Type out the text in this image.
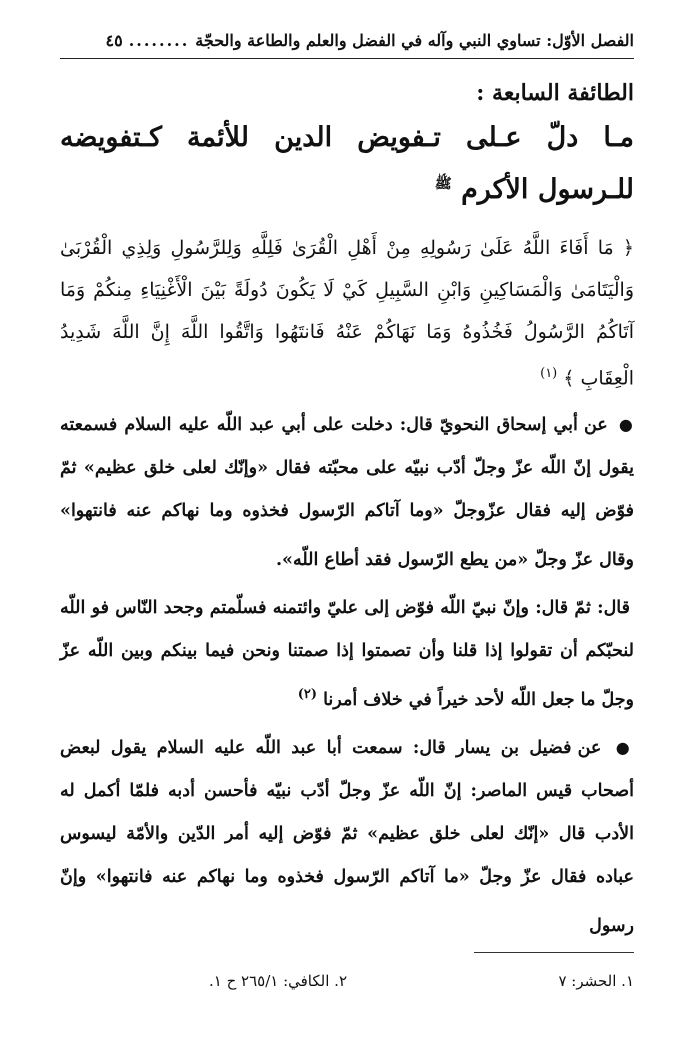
الفصل الأوّل: تساوي النبي وآله في الفضل والعلم والطاعة والحجّة
........
٤٥
الطائفة السابعة :
مـا دلّ عـلى تـفويض الدين للأئمة كـتفويضه للـرسول الأكرم $^ﷺ$
﴿ مَا أَفَاءَ اللَّهُ عَلَىٰ رَسُولِهِ مِنْ أَهْلِ الْقُرَىٰ فَلِلَّهِ وَلِلرَّسُولِ وَلِذِي الْقُرْبَىٰ وَالْيَتَامَىٰ وَالْمَسَاكِينِ وَابْنِ السَّبِيلِ كَيْ لَا يَكُونَ دُولَةً بَيْنَ الْأَغْنِيَاءِ مِنكُمْ وَمَا آتَاكُمُ الرَّسُولُ فَخُذُوهُ وَمَا نَهَاكُمْ عَنْهُ فَانتَهُوا وَاتَّقُوا اللَّهَ إِنَّ اللَّهَ شَدِيدُ الْعِقَابِ ﴾ $^{(١)}$
● عن أبي إسحاق النحويّ قال: دخلت على أبي عبد اللّه عليه السلام فسمعته يقول إنّ اللّه عزّ وجلّ أدّب نبيّه على محبّته فقال «وإنّك لعلى خلق عظيم» ثمّ فوّض إليه فقال عزّوجلّ «وما آتاكم الرّسول فخذوه وما نهاكم عنه فانتهوا» وقال عزّ وجلّ «من يطع الرّسول فقد أطاع اللّه».
قال: ثمّ قال: وإنّ نبيّ اللّه فوّض إلى عليّ وائتمنه فسلّمتم وجحد النّاس فو اللّه لنحبّكم أن تقولوا إذا قلنا وأن تصمتوا إذا صمتنا ونحن فيما بينكم وبين اللّه عزّ وجلّ ما جعل اللّه لأحد خيراً في خلاف أمرنا $^{(٢)}$
● عن فضيل بن يسار قال: سمعت أبا عبد اللّه عليه السلام يقول لبعض أصحاب قيس الماصر: إنّ اللّه عزّ وجلّ أدّب نبيّه فأحسن أدبه فلمّا أكمل له الأدب قال «إنّك لعلى خلق عظيم» ثمّ فوّض إليه أمر الدّين والأمّة ليسوس عباده فقال عزّ وجلّ «ما آتاكم الرّسول فخذوه وما نهاكم عنه فانتهوا» وإنّ رسول
١. الحشر: ٧
٢. الكافي: ٢٦٥/١ ح ١.
